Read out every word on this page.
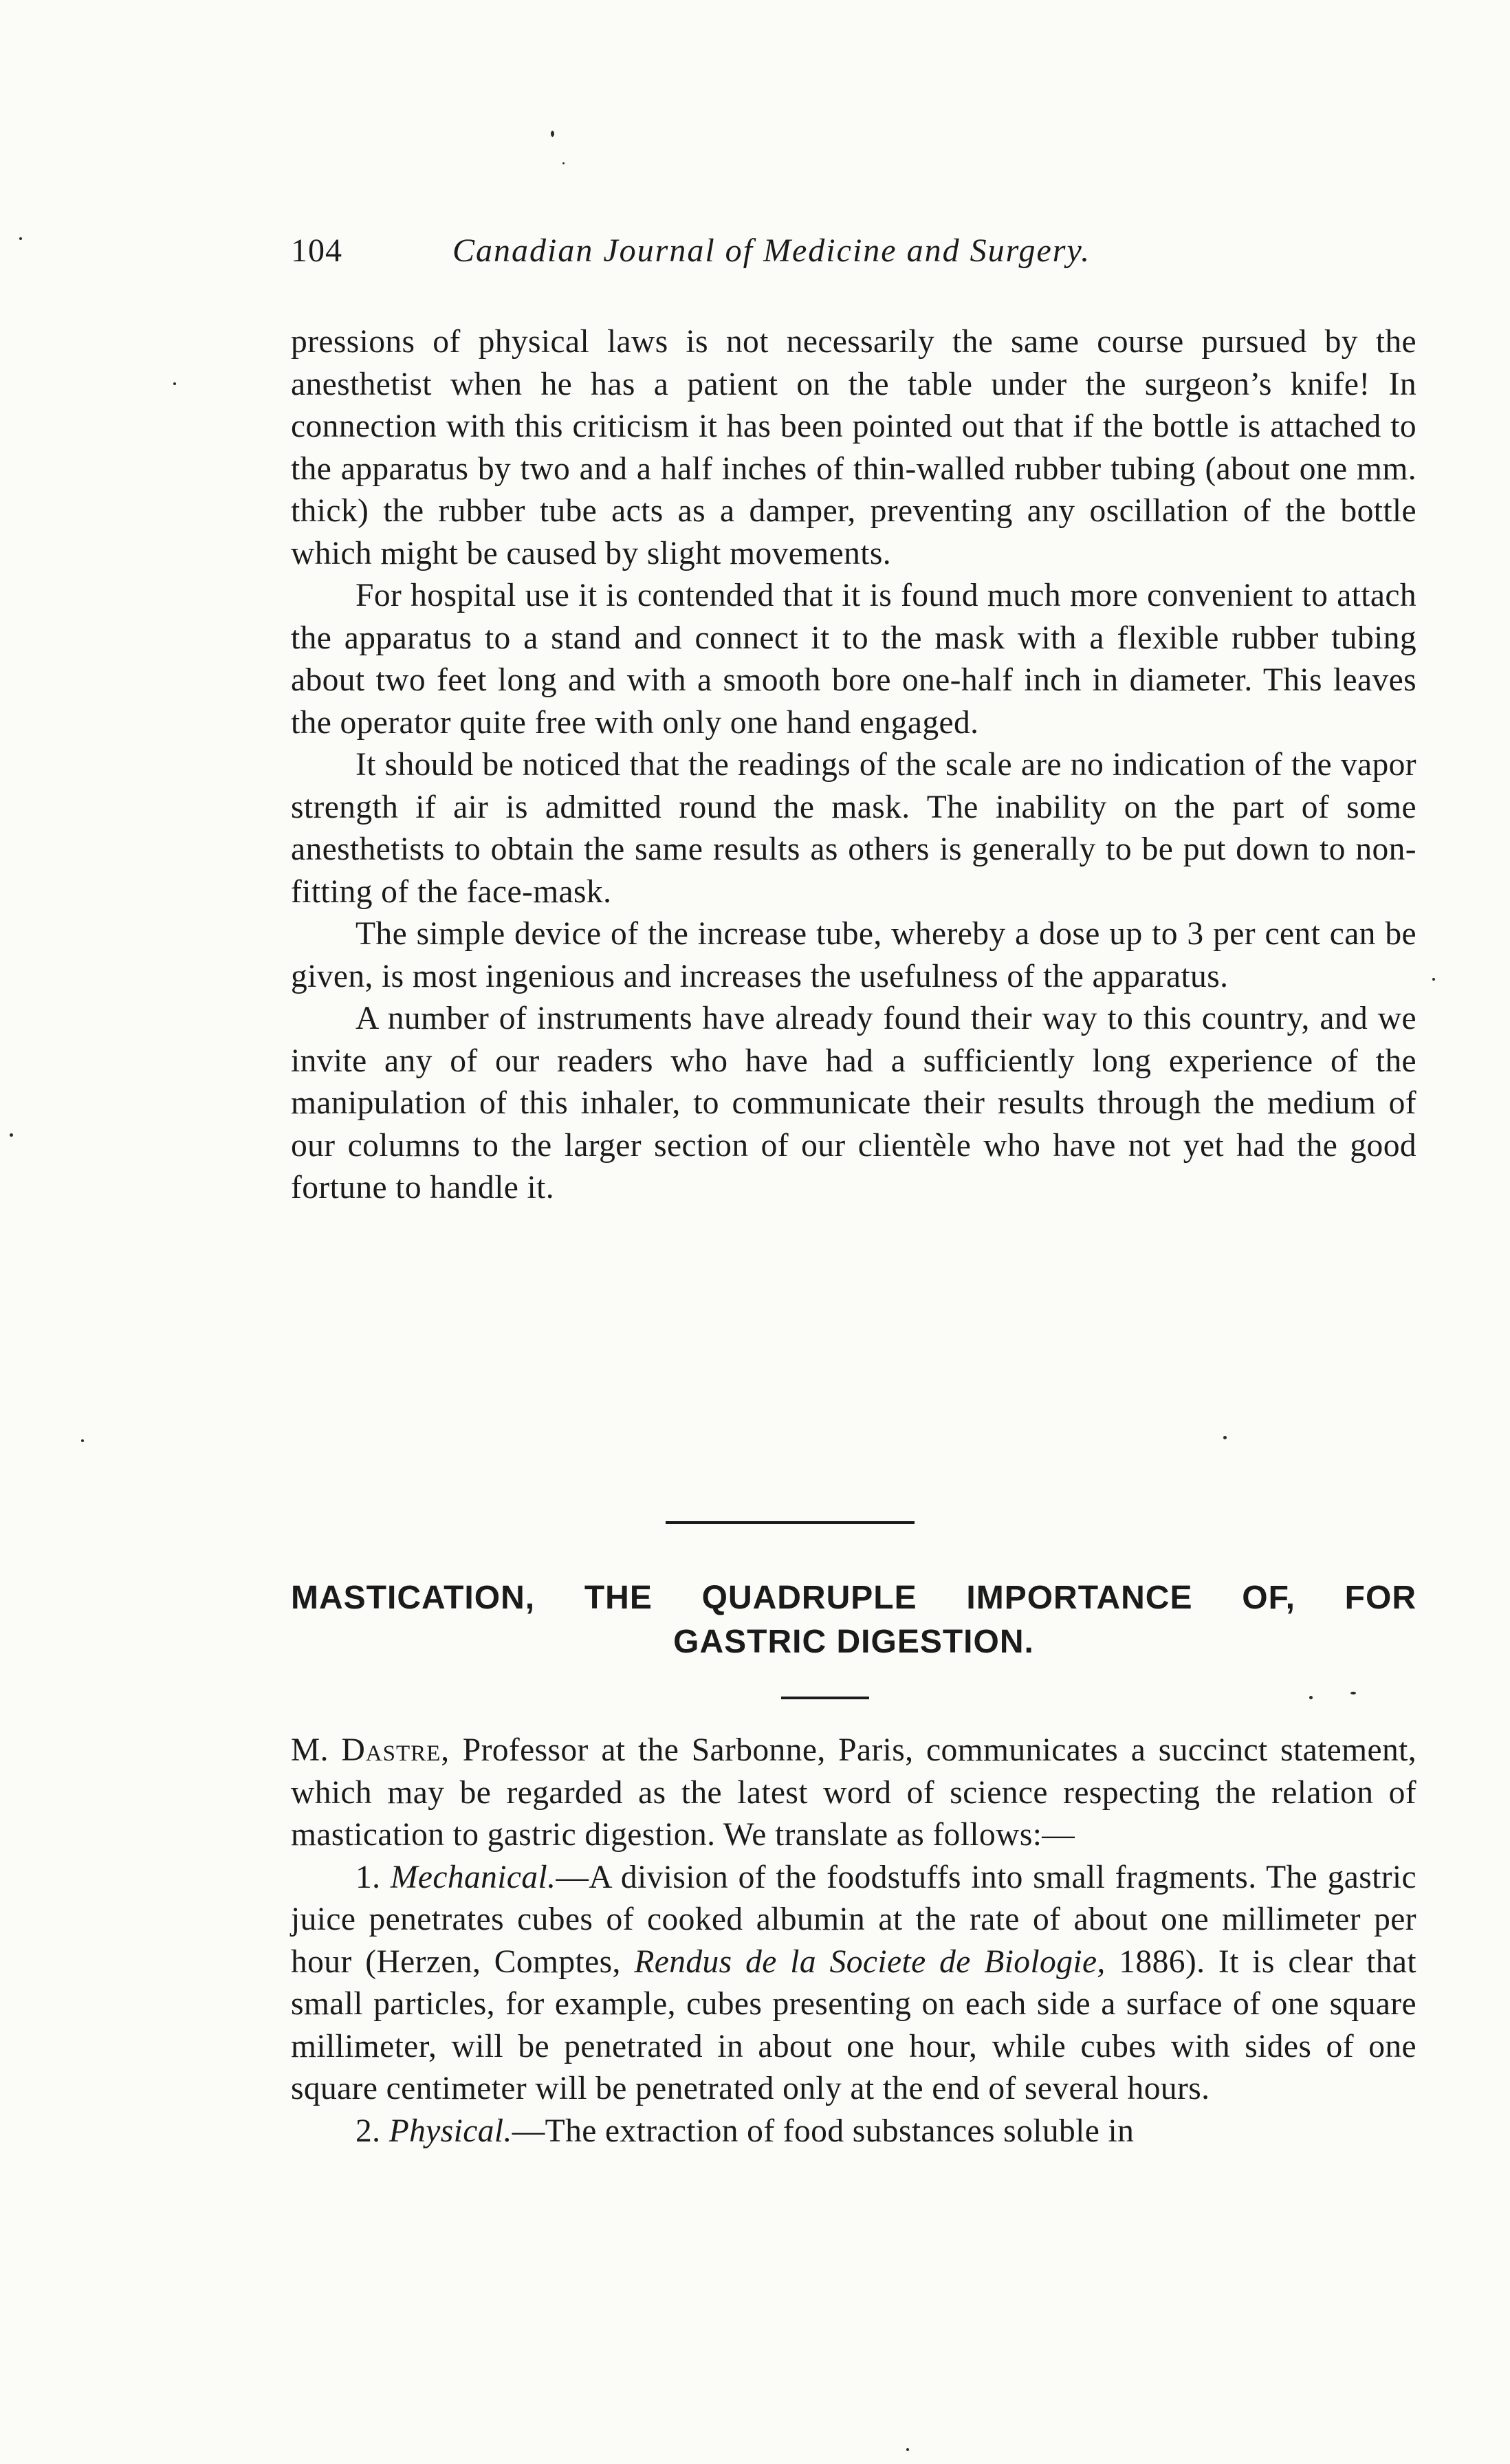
104	Canadian Journal of Medicine and Surgery.

pressions of physical laws is not necessarily the same course pursued by the anesthetist when he has a patient on the table under the surgeon’s knife! In connection with this criticism it has been pointed out that if the bottle is attached to the apparatus by two and a half inches of thin-walled rubber tubing (about one mm. thick) the rubber tube acts as a damper, preventing any oscillation of the bottle which might be caused by slight movements.

For hospital use it is contended that it is found much more convenient to attach the apparatus to a stand and connect it to the mask with a flexible rubber tubing about two feet long and with a smooth bore one-half inch in diameter. This leaves the operator quite free with only one hand engaged.

It should be noticed that the readings of the scale are no indication of the vapor strength if air is admitted round the mask. The inability on the part of some anesthetists to obtain the same results as others is generally to be put down to non-fitting of the face-mask.

The simple device of the increase tube, whereby a dose up to 3 per cent can be given, is most ingenious and increases the usefulness of the apparatus.

A number of instruments have already found their way to this country, and we invite any of our readers who have had a sufficiently long experience of the manipulation of this inhaler, to communicate their results through the medium of our columns to the larger section of our clientèle who have not yet had the good fortune to handle it.

MASTICATION, THE QUADRUPLE IMPORTANCE OF, FOR
GASTRIC DIGESTION.

M. Dastre, Professor at the Sarbonne, Paris, communicates a succinct statement, which may be regarded as the latest word of science respecting the relation of mastication to gastric digestion. We translate as follows:—

1. Mechanical.—A division of the foodstuffs into small fragments. The gastric juice penetrates cubes of cooked albumin at the rate of about one millimeter per hour (Herzen, Comptes, Rendus de la Societe de Biologie, 1886). It is clear that small particles, for example, cubes presenting on each side a surface of one square millimeter, will be penetrated in about one hour, while cubes with sides of one square centimeter will be penetrated only at the end of several hours.

2. Physical.—The extraction of food substances soluble in
